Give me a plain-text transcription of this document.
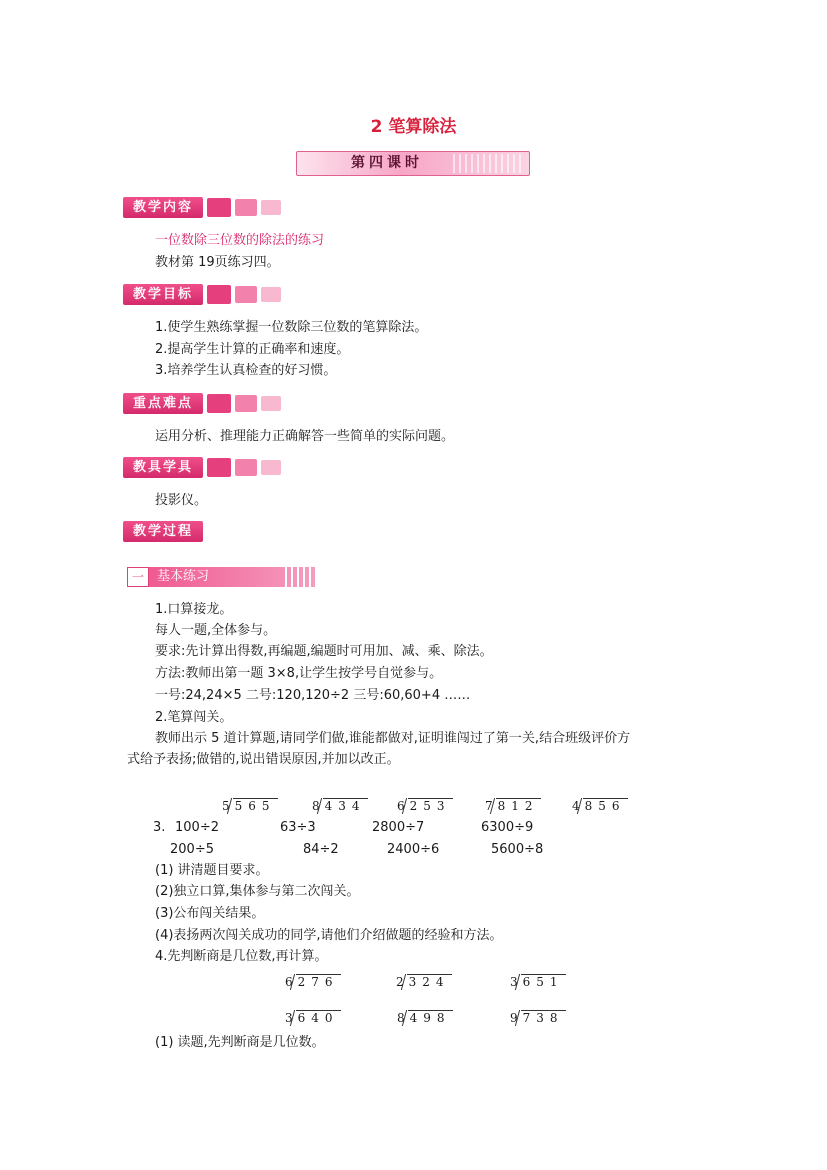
2 笔算除法
第四课时
教学内容
一位数除三位数的除法的练习
教材第 19页练习四。
教学目标
1.使学生熟练掌握一位数除三位数的笔算除法。
2.提高学生计算的正确率和速度。
3.培养学生认真检查的好习惯。
重点难点
运用分析、推理能力正确解答一些简单的实际问题。
教具学具
投影仪。
教学过程
一	基本练习
1.口算接龙。
每人一题,全体参与。
要求:先计算出得数,再编题,编题时可用加、减、乘、除法。
方法:教师出第一题 3×8,让学生按学号自觉参与。
一号:24,24×5 二号:120,120÷2 三号:60,60+4 ……
2.笔算闯关。
教师出示 5 道计算题,请同学们做,谁能都做对,证明谁闯过了第一关,结合班级评价方
式给予表扬;做错的,说出错误原因,并加以改正。
5 565	8 434	6 253	7 812	4 856
3. 100÷2	63÷3	2800÷7	6300÷9
200÷5	84÷2	2400÷6	5600÷8
(1) 讲清题目要求。
(2)独立口算,集体参与第二次闯关。
(3)公布闯关结果。
(4)表扬两次闯关成功的同学,请他们介绍做题的经验和方法。
4.先判断商是几位数,再计算。
6 276	2 324	3 651
3 640	8 498	9 738
(1) 读题,先判断商是几位数。
